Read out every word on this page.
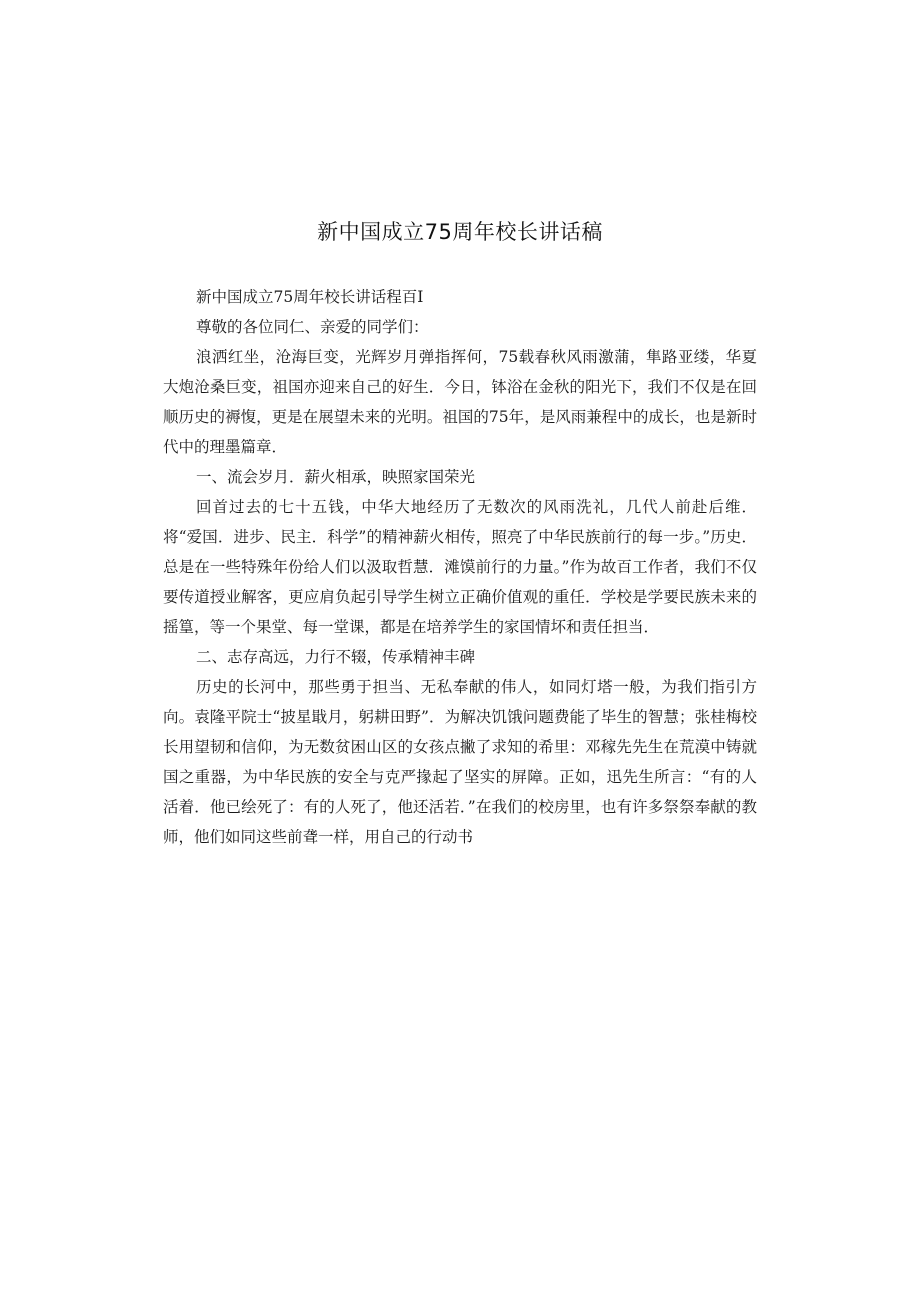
新中国成立75周年校长讲话稿

新中国成立75周年校长讲话程百I

尊敬的各位同仁、亲爱的同学们：

浪洒红坐，沧海巨变，光辉岁月弹指挥何，75载春秋风雨激蒲，隼路亚缕，华夏大炮沧桑巨变，祖国亦迎来自己的好生．今日，钵浴在金秋的阳光下，我们不仅是在回顺历史的褥愎，更是在展望未来的光明。祖国的75年，是风雨兼程中的成长，也是新时代中的理墨篇章．

一、流会岁月．薪火相承，映照家国荣光

回首过去的七十五钱，中华大地经历了无数次的风雨洗礼，几代人前赴后维．将“爱国．进步、民主．科学”的精神薪火相传，照亮了中华民族前行的每一步。”历史．总是在一些特殊年份给人们以汲取哲慧．滩馍前行的力量。”作为故百工作者，我们不仅要传道授业解客，更应肩负起引导学生树立正确价值观的重任．学校是学要民族未来的摇篁，等一个果堂、每一堂课，都是在培养学生的家国情坏和责任担当．

二、志存高远，力行不辍，传承精神丰碑

历史的长河中，那些勇于担当、无私奉献的伟人，如同灯塔一般，为我们指引方向。袁隆平院士“披星戢月，躬耕田野”．为解决饥饿问题费能了毕生的智慧；张桂梅校长用望韧和信仰，为无数贫困山区的女孩点撇了求知的希里：邓稼先先生在荒漠中铸就国之重器，为中华民族的安全与克严掾起了坚实的屏障。正如，迅先生所言：“有的人活着．他已绘死了：有的人死了，他还活若．”在我们的校房里，也有许多祭祭奉献的教师，他们如同这些前聋一样，用自己的行动书
